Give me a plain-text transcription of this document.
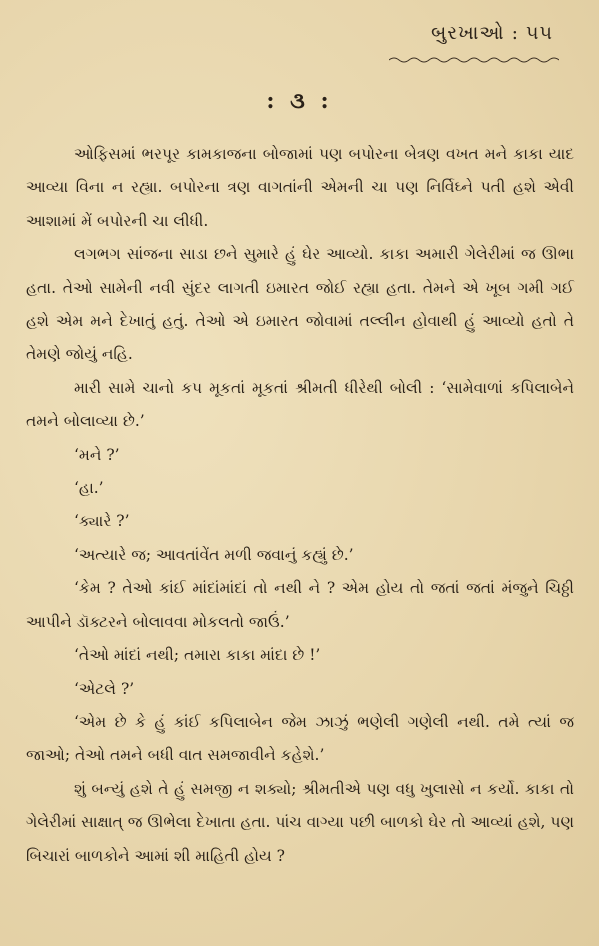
બુરખાઓ : ૫૫
: ૩ :

ઓફિસમાં ભરપૂર કામકાજના બોજામાં પણ બપોરના બેત્રણ વખત મને કાકા યાદ આવ્યા વિના ન રહ્યા. બપોરના ત્રણ વાગતાંની એમની ચા પણ નિર્વિઘ્ને પતી હશે એવી આશામાં મેં બપોરની ચા લીધી.

લગભગ સાંજના સાડા છને સુમારે હું ઘેર આવ્યો. કાકા અમારી ગેલેરીમાં જ ઊભા હતા. તેઓ સામેની નવી સુંદર લાગતી ઇમારત જોઈ રહ્યા હતા. તેમને એ ખૂબ ગમી ગઈ હશે એમ મને દેખાતું હતું. તેઓ એ ઇમારત જોવામાં તલ્લીન હોવાથી હું આવ્યો હતો તે તેમણે જોયું નહિ.

મારી સામે ચાનો કપ મૂકતાં મૂકતાં શ્રીમતી ધીરેથી બોલી : ‘સામેવાળાં કપિલાબેને તમને બોલાવ્યા છે.’

‘મને ?’

‘હા.’

‘ક્યારે ?’

‘અત્યારે જ; આવતાંવેંત મળી જવાનું કહ્યું છે.’

‘કેમ ? તેઓ કાંઈ માંદાંમાંદાં તો નથી ને ? એમ હોય તો જતાં જતાં મંજુને ચિઠ્ઠી આપીને ડૉક્ટરને બોલાવવા મોકલતો જાઉં.’

‘તેઓ માંદાં નથી; તમારા કાકા માંદા છે !’

‘એટલે ?’

‘એમ છે કે હું કાંઈ કપિલાબેન જેમ ઝાઝું ભણેલી ગણેલી નથી. તમે ત્યાં જ જાઓ; તેઓ તમને બધી વાત સમજાવીને કહેશે.’

શું બન્યું હશે તે હું સમજી ન શક્યો; શ્રીમતીએ પણ વધુ ખુલાસો ન કર્યો. કાકા તો ગેલેરીમાં સાક્ષાત્‌ જ ઊભેલા દેખાતા હતા. પાંચ વાગ્યા પછી બાળકો ઘેર તો આવ્યાં હશે, પણ બિચારાં બાળકોને આમાં શી માહિતી હોય ?
